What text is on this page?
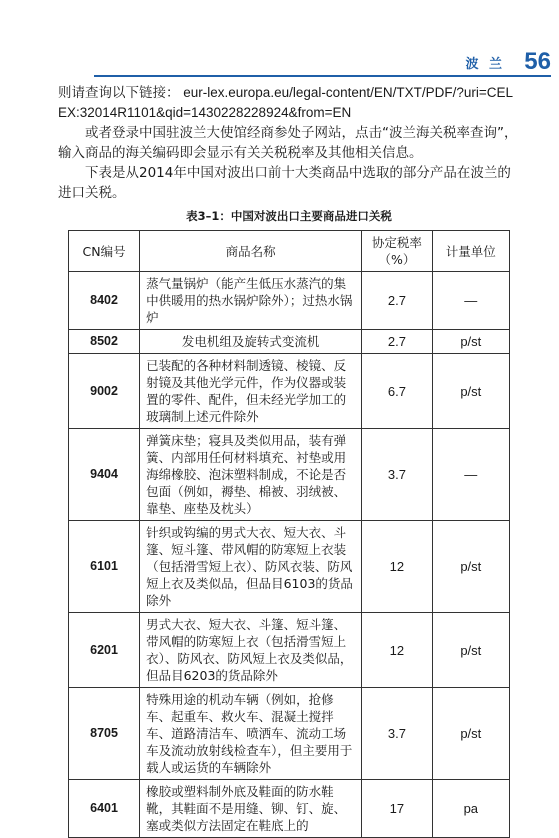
波 兰 56
则请查询以下链接： eur-lex.europa.eu/legal-content/EN/TXT/PDF/?uri=CELEX:32014R1101&qid=1430228228924&from=EN

或者登录中国驻波兰大使馆经商参处子网站，点击“波兰海关税率查询”，输入商品的海关编码即会显示有关关税税率及其他相关信息。

下表是从2014年中国对波出口前十大类商品中选取的部分产品在波兰的进口关税。

表3–1：中国对波出口主要商品进口关税
CN编号	商品名称	协定税率（%）	计量单位
8402	蒸气量锅炉（能产生低压水蒸汽的集中供暖用的热水锅炉除外）；过热水锅炉	2.7	—
8502	发电机组及旋转式变流机	2.7	p/st
9002	已装配的各种材料制透镜、棱镜、反射镜及其他光学元件，作为仪器或装置的零件、配件，但未经光学加工的玻璃制上述元件除外	6.7	p/st
9404	弹簧床垫；寝具及类似用品，装有弹簧、内部用任何材料填充、衬垫或用海绵橡胶、泡沫塑料制成，不论是否包面（例如，褥垫、棉被、羽绒被、靠垫、座垫及枕头）	3.7	—
6101	针织或钩编的男式大衣、短大衣、斗篷、短斗篷、带风帽的防寒短上衣装（包括滑雪短上衣）、防风衣装、防风短上衣及类似品，但品目6103的货品除外	12	p/st
6201	男式大衣、短大衣、斗篷、短斗篷、带风帽的防寒短上衣（包括滑雪短上衣）、防风衣、防风短上衣及类似品，但品目6203的货品除外	12	p/st
8705	特殊用途的机动车辆（例如，抢修车、起重车、救火车、混凝土搅拌车、道路清洁车、喷洒车、流动工场车及流动放射线检查车），但主要用于载人或运货的车辆除外	3.7	p/st
6401	橡胶或塑料制外底及鞋面的防水鞋靴，其鞋面不是用缝、铆、钉、旋、塞或类似方法固定在鞋底上的	17	pa
